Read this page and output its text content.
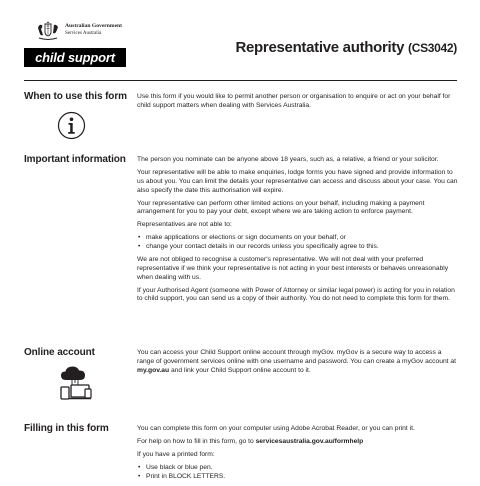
Australian Government
Services Australia
child support
Representative authority (CS3042)
When to use this form Use this form if you would like to permit another person or organisation to enquire or act on your behalf for child support matters when dealing with Services Australia.

Important information The person you nominate can be anyone above 18 years, such as, a relative, a friend or your solicitor.

Your representative will be able to make enquiries, lodge forms you have signed and provide information to us about you. You can limit the details your representative can access and discuss about your case. You can also specify the date this authorisation will expire.

Your representative can perform other limited actions on your behalf, including making a payment arrangement for you to pay your debt, except where we are taking action to enforce payment.

Representatives are not able to:

• make applications or elections or sign documents on your behalf, or
• change your contact details in our records unless you specifically agree to this.

We are not obliged to recognise a customer's representative. We will not deal with your preferred representative if we think your representative is not acting in your best interests or behaves unreasonably when dealing with us.

If your Authorised Agent (someone with Power of Attorney or similar legal power) is acting for you in relation to child support, you can send us a copy of their authority. You do not need to complete this form for them.

Online account	You can access your Child Support online account through myGov. myGov is a secure way to access a range of government services online with one username and password. You can create a myGov account at my.gov.au and link your Child Support online account to it.

Filling in this form	You can complete this form on your computer using Adobe Acrobat Reader, or you can print it.

For help on how to fill in this form, go to servicesaustralia.gov.au/formhelp

If you have a printed form:

• Use black or blue pen.
• Print in BLOCK LETTERS.
